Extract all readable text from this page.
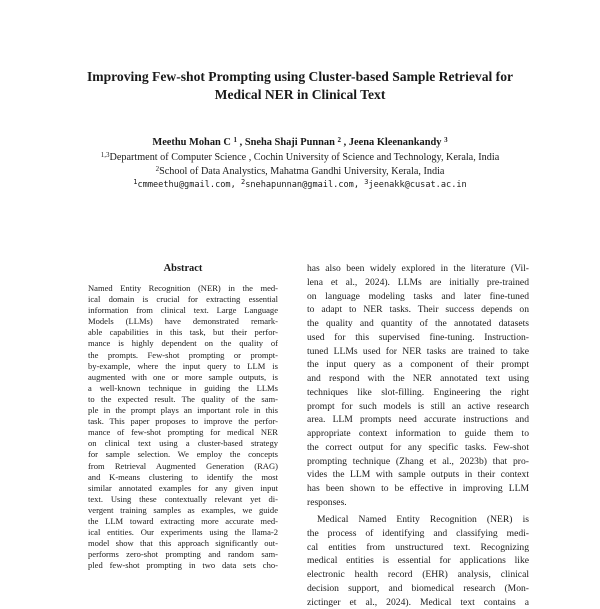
Improving Few-shot Prompting using Cluster-based Sample Retrieval for
Medical NER in Clinical Text

Meethu Mohan C $^1$ , Sneha Shaji Punnan $^2$ , Jeena Kleenankandy $^3$

$^{1,3}$Department of Computer Science , Cochin University of Science and Technology, Kerala, India

$^2$School of Data Analystics, Mahatma Gandhi University, Kerala, India

$^1$cmmeethu@gmail.com, $^2$snehapunnan@gmail.com, $^3$jeenakk@cusat.ac.in

Abstract
Named Entity Recognition (NER) in the med-
ical domain is crucial for extracting essential
information from clinical text. Large Language
Models (LLMs) have demonstrated remark-
able capabilities in this task, but their perfor-
mance is highly dependent on the quality of
the prompts. Few-shot prompting or prompt-
by-example, where the input query to LLM is
augmented with one or more sample outputs, is
a well-known technique in guiding the LLMs
to the expected result. The quality of the sam-
ple in the prompt plays an important role in this
task. This paper proposes to improve the perfor-
mance of few-shot prompting for medical NER
on clinical text using a cluster-based strategy
for sample selection. We employ the concepts
from Retrieval Augmented Generation (RAG)
and K-means clustering to identify the most
similar annotated examples for any given input
text. Using these contextually relevant yet di-
vergent training samples as examples, we guide
the LLM toward extracting more accurate med-
ical entities. Our experiments using the llama-2
model show that this approach significantly out-
performs zero-shot prompting and random sam-
pled few-shot prompting in two data sets cho-
has also been widely explored in the literature (Vil-
lena et al., 2024). LLMs are initially pre-trained
on language modeling tasks and later fine-tuned
to adapt to NER tasks. Their success depends on
the quality and quantity of the annotated datasets
used for this supervised fine-tuning. Instruction-
tuned LLMs used for NER tasks are trained to take
the input query as a component of their prompt
and respond with the NER annotated text using
techniques like slot-filling. Engineering the right
prompt for such models is still an active research
area. LLM prompts need accurate instructions and
appropriate context information to guide them to
the correct output for any specific tasks. Few-shot
prompting technique (Zhang et al., 2023b) that pro-
vides the LLM with sample outputs in their context
has been shown to be effective in improving LLM
responses.
Medical Named Entity Recognition (NER) is
the process of identifying and classifying medi-
cal entities from unstructured text. Recognizing
medical entities is essential for applications like
electronic health record (EHR) analysis, clinical
decision support, and biomedical research (Mon-
zictinger et al., 2024). Medical text contains a
